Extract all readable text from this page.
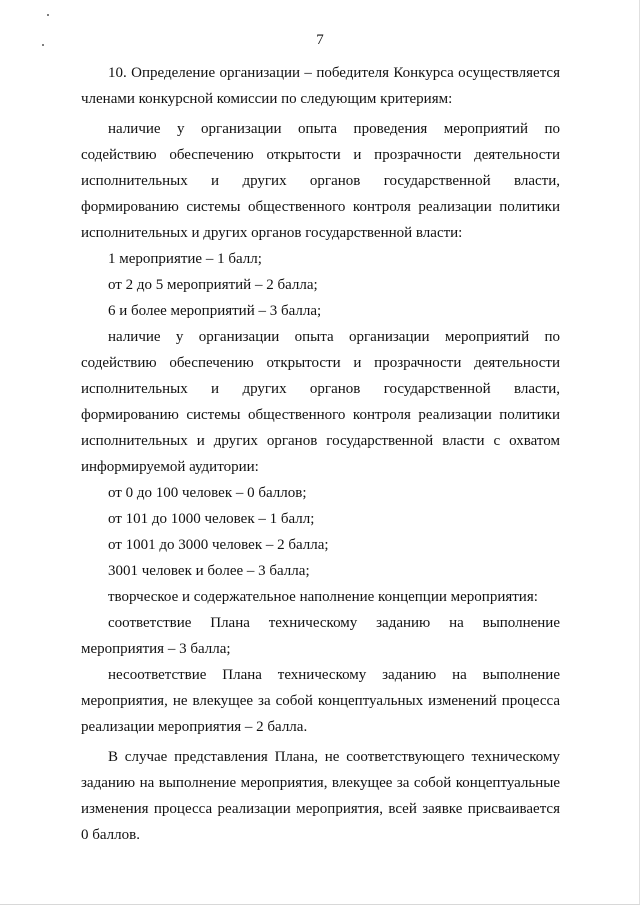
7

10. Определение организации – победителя Конкурса осуществляется членами конкурсной комиссии по следующим критериям:

наличие у организации опыта проведения мероприятий по содействию обеспечению открытости и прозрачности деятельности исполнительных и других органов государственной власти, формированию системы общественного контроля реализации политики исполнительных и других органов государственной власти:

1 мероприятие – 1 балл;

от 2 до 5 мероприятий – 2 балла;

6 и более мероприятий – 3 балла;

наличие у организации опыта организации мероприятий по содействию обеспечению открытости и прозрачности деятельности исполнительных и других органов государственной власти, формированию системы общественного контроля реализации политики исполнительных и других органов государственной власти с охватом информируемой аудитории:

от 0 до 100 человек – 0 баллов;

от 101 до 1000 человек – 1 балл;

от 1001 до 3000 человек – 2 балла;

3001 человек и более – 3 балла;

творческое и содержательное наполнение концепции мероприятия:

соответствие Плана техническому заданию на выполнение мероприятия – 3 балла;

несоответствие Плана техническому заданию на выполнение мероприятия, не влекущее за собой концептуальных изменений процесса реализации мероприятия – 2 балла.

В случае представления Плана, не соответствующего техническому заданию на выполнение мероприятия, влекущее за собой концептуальные изменения процесса реализации мероприятия, всей заявке присваивается 0 баллов.
